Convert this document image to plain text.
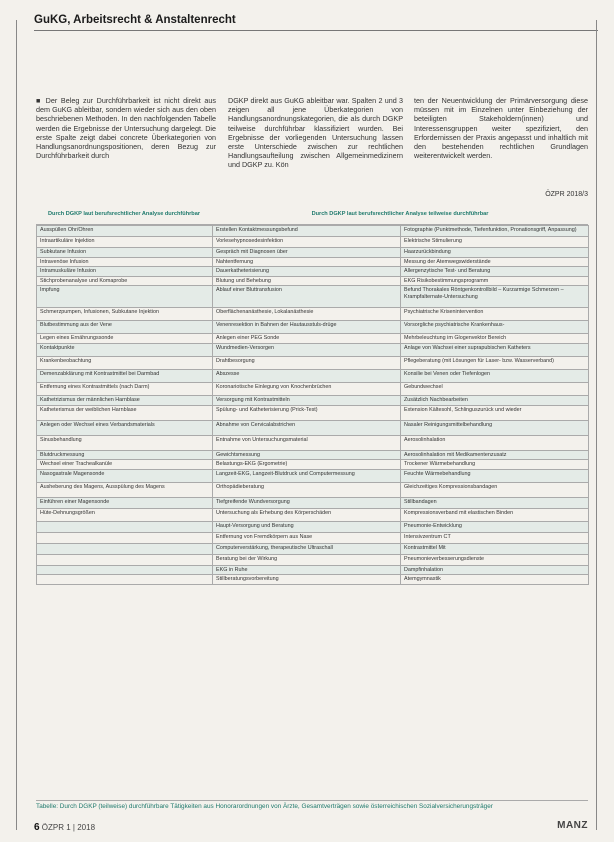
GuKG, Arbeitsrecht & Anstaltenrecht

■ Der Beleg zur Durchführbarkeit ist nicht direkt aus dem GuKG ableitbar, sondern wieder sich aus den oben beschriebenen Methoden. In den nachfolgenden Tabelle werden die Ergebnisse der Untersuchung dargelegt. Die erste Spalte zeigt dabei concrete Überkategorien von Handlungsanordnungspositionen, deren Bezug zur Durchführbarkeit durch

DGKP direkt aus GuKG ableitbar war. Spalten 2 und 3 zeigen all jene Überkategorien von Handlungsanordnungskategorien, die als durch DGKP teilweise durchführbar klassifiziert wurden. Bei Ergebnisse der vorliegenden Untersuchung lassen erste Unterschiede zwischen zur rechtlichen Handlungsaufteilung zwischen Allgemeinmedizinern und DGKP zu. Kön

ten der Neuentwicklung der Primärversorgung diese müssen mit im Einzelnen unter Einbeziehung der beteiligten Stakeholdern(innen) und Interessensgruppen weiter spezifiziert, den Erfordernissen der Praxis angepasst und inhaltlich mit den bestehenden rechtlichen Grundlagen weiterentwickelt werden.

ÖZPR 2018/3
Durch DGKP laut berufsrechtlicher Analyse durchführbar	Durch DGKP laut berufsrechtlicher Analyse teilweise durchführbar
Ausspüllen Ohr/Ohren	Erstellen Kontaktmessungsbefund	Fotographie (Punktmethode, Tiefenfunktion, Pronationsgriff, Anpassung)
Intraartikuläre Injektion	Vorlesehypnosedesinfektion	Elektrische Stimulierung
Subkutane Infusion	Gespräch mit Diagnosen über	Haarzurückbindung
Intravenöse Infusion	Nahtentfernung	Messung der Atemwegswiderstände
Intramuskuläre Infusion	Dauerkatheterisierung	Allergenzytische Test- und Beratung
Stichprobenanalyse und Komaprobe	Blutung und Behebung	EKG Risikobestimmungsprogramm
Impfung	Ablauf einer Bluttransfusion	Befund Thorakales Röntgenkontrollbild – Kurzarmige Schmerzen – Krampfalternate-Untersuchung
Schmerzpumpen, Infusionen, Subkutane Injektion	Oberflächenanästhesie, Lokalanästhesie	Psychiatrische Krisenintervention
Blutbestimmung aus der Vene	Venenresektion in Bahnen der Hautausstuls-drüge	Vorsorgliche psychiatrische Krankenhaus-
Legen eines Ernährungssonde	Anlegen einer PEG Sonde	Mehrbeleuchtung im Glogenvektor Bereich
Kontaktpunkte	Wundmedien-Versorgen	Anlage von Wachsei einer suprapubischen Katheters
Krankenbeobachtung	Drahtbesorgung	Pflegeberatung (mit Lösungen für Laser- bzw. Wasserverband)
Demenzabklärung mit Kontrastmittel bei Darmbad	Abszesse	Konsilie bei Venen oder Tiefenlogen
Entfernung eines Kontrastmittels (nach Darm)	Koronariotische Einlegung von Knochenbrüchen	Gebundwechsel
Kathetrizismus der männlichen Harnblase	Versorgung mit Kontrastmitteln	Zusätzlich Nachbearbeiten
Katheterismus der weiblichen Harnblase	Spülung- und Katheterisierung (Prick-Test)	Extension Kältesohl, Schlinguszurück und wieder
Anlegen oder Wechsel eines Verbandsmaterials	Abnahme von Cervicalabstrichen	Nasaler Reinigungsmittelbehandlung
Sinusbehandlung	Entnahme von Untersuchungsmaterial	Aerosolinhalation
Blutdruckmessung	Gewichtsmessung	Aerosolinhalation mit Medikamentenzusatz
Wechsel einer Trachealkanüle	Belastungs-EKG (Ergometrie)	Trockener Wärmebehandlung
Nasogastrale Magensonde	Langzeit-EKG, Langzeit-Blutdruck und Computermessung	Feuchte Wärmebehandlung
Ausheberung des Magens, Ausspülung des Magens	Orthopädieberatung	Gleichzeitiges Kompressionsbandagen
Einführen einer Magensonde	Tiefgreifende Wundversorgung	Stillbandagen
Hüte-Dehnungsgrößen	Untersuchung als Erhebung des Körperschäden	Kompressionsverband mit elastischen Binden
	Haupt-Versorgung und Beratung	Pneumonie-Entwicklung
	Entfernung von Fremdkörpern aus Nase	Intensivzentrum CT
	Computerverstärkung, therapeutische Ultraschall	Kontrastmittel Mit
	Beratung bei der Wirkung	Pneumonieverbesserungsdienste
	EKG in Ruhe	Dampfinhalation
	Stillberatungsvorbereitung	Atemgymnastik
Tabelle: Durch DGKP (teilweise) durchführbare Tätigkeiten aus Honorarordnungen von Ärzte, Gesamtverträgen sowie österreichischen Sozialversicherungsträger
6 ÖZPR 1 | 2018	MANZ
